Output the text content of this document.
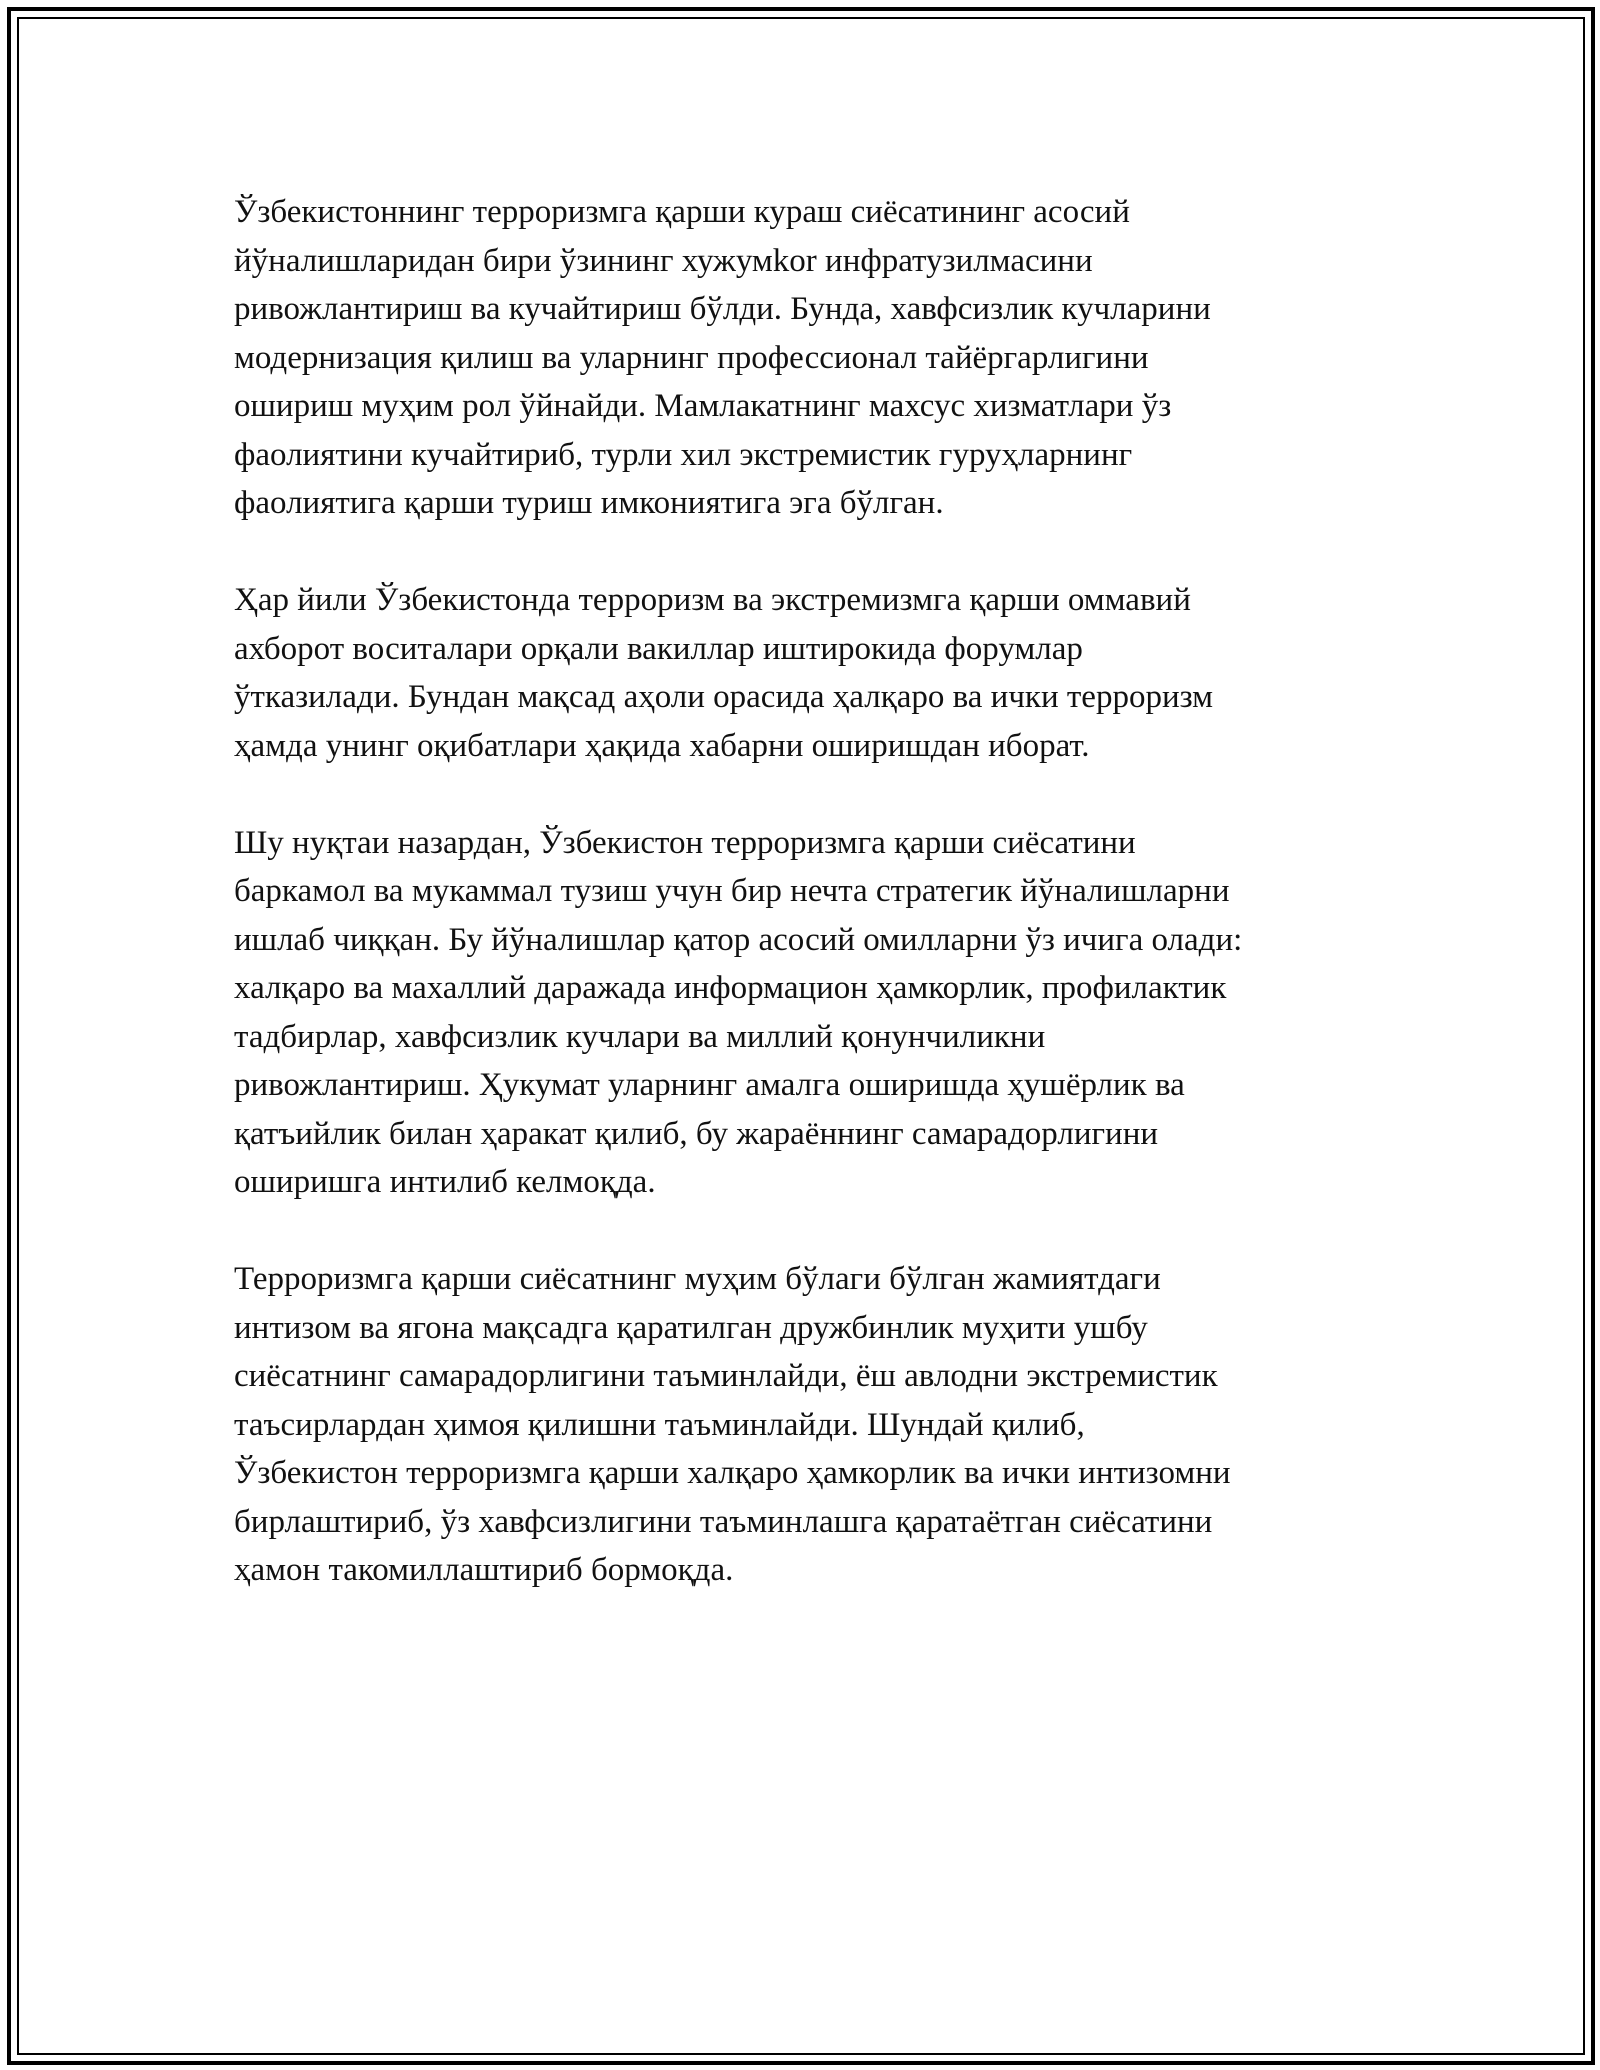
Ўзбекистоннинг терроризмга қарши кураш сиёсатининг асосий
йўналишларидан бири ўзининг хужумkor инфратузилмасини
ривожлантириш ва кучайтириш бўлди. Бунда, хавфсизлик кучларини
модернизация қилиш ва уларнинг профессионал тайёргарлигини
ошириш муҳим рол ўйнайди. Мамлакатнинг махсус хизматлари ўз
фаолиятини кучайтириб, турли хил экстремистик гуруҳларнинг
фаолиятига қарши туриш имкониятига эга бўлган.

Ҳар йили Ўзбекистонда терроризм ва экстремизмга қарши оммавий
ахборот воситалари орқали вакиллар иштирокида форумлар
ўтказилади. Бундан мақсад аҳоли орасида ҳалқаро ва ички терроризм
ҳамда унинг оқибатлари ҳақида хабарни оширишдан иборат.

Шу нуқтаи назардан, Ўзбекистон терроризмга қарши сиёсатини
баркамол ва мукаммал тузиш учун бир нечта стратегик йўналишларни
ишлаб чиққан. Бу йўналишлар қатор асосий омилларни ўз ичига олади:
халқаро ва махаллий даражада информацион ҳамкорлик, профилактик
тадбирлар, хавфсизлик кучлари ва миллий қонунчиликни
ривожлантириш. Ҳукумат уларнинг амалга оширишда ҳушёрлик ва
қатъийлик билан ҳаракат қилиб, бу жараённинг самарадорлигини
оширишга интилиб келмоқда.

Терроризмга қарши сиёсатнинг муҳим бўлаги бўлган жамиятдаги
интизом ва ягона мақсадга қаратилган дружбинлик муҳити ушбу
сиёсатнинг самарадорлигини таъминлайди, ёш авлодни экстремистик
таъсирлардан ҳимоя қилишни таъминлайди. Шундай қилиб,
Ўзбекистон терроризмга қарши халқаро ҳамкорлик ва ички интизомни
бирлаштириб, ўз хавфсизлигини таъминлашга қаратаётган сиёсатини
ҳамон такомиллаштириб бормоқда.
